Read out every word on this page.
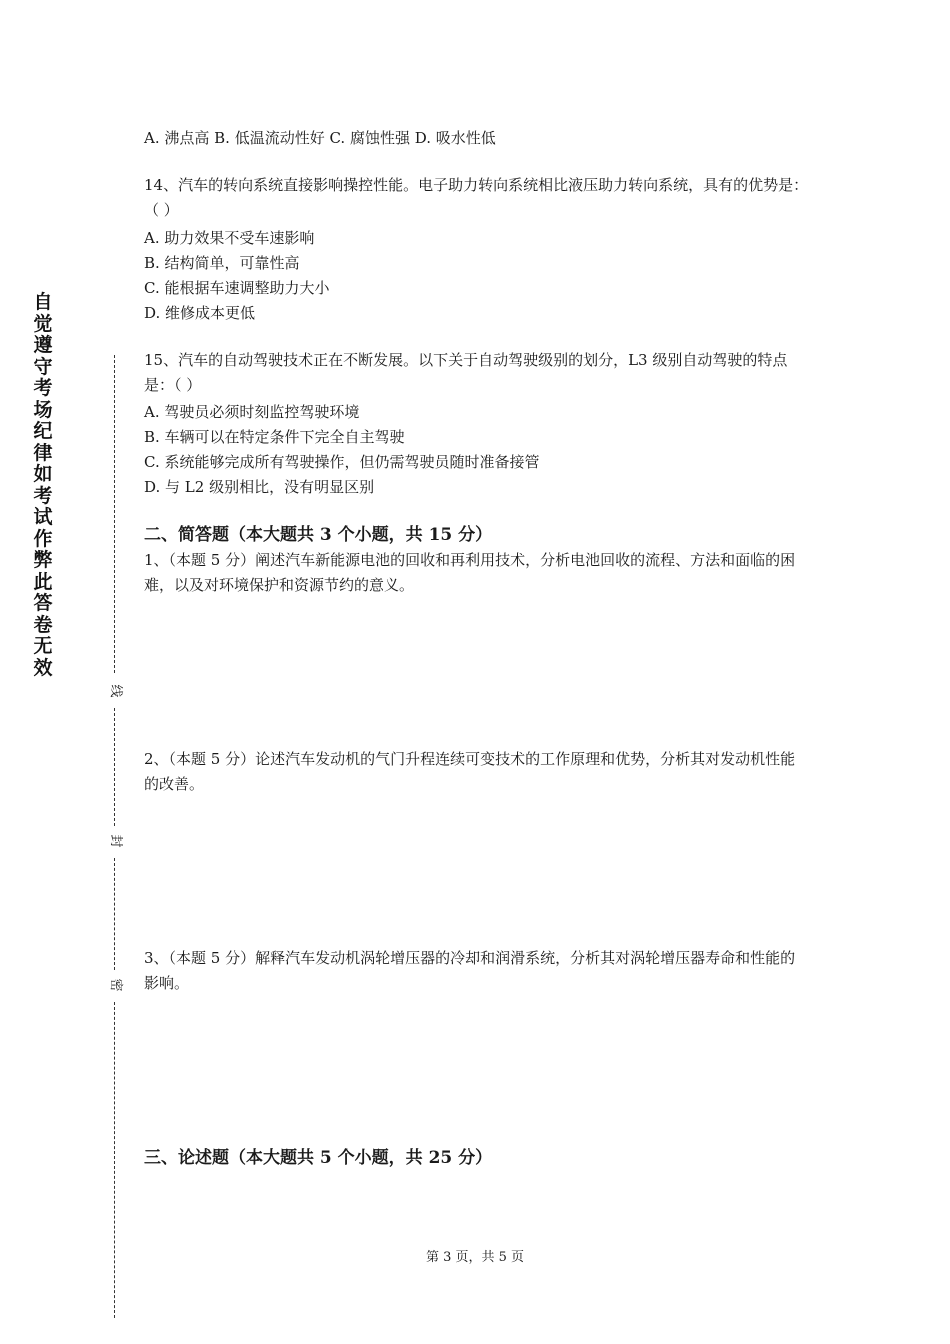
自觉遵守考场纪律如考试作弊此答卷无效
线
封
密
A. 沸点高 B. 低温流动性好 C. 腐蚀性强 D. 吸水性低
14、汽车的转向系统直接影响操控性能。电子助力转向系统相比液压助力转向系统，具有的优势是：（ ）
A. 助力效果不受车速影响
B. 结构简单，可靠性高
C. 能根据车速调整助力大小
D. 维修成本更低
15、汽车的自动驾驶技术正在不断发展。以下关于自动驾驶级别的划分，L3 级别自动驾驶的特点是：（ ）
A. 驾驶员必须时刻监控驾驶环境
B. 车辆可以在特定条件下完全自主驾驶
C. 系统能够完成所有驾驶操作，但仍需驾驶员随时准备接管
D. 与 L2 级别相比，没有明显区别
二、简答题（本大题共 3 个小题，共 15 分）
1、（本题 5 分）阐述汽车新能源电池的回收和再利用技术，分析电池回收的流程、方法和面临的困难，以及对环境保护和资源节约的意义。
2、（本题 5 分）论述汽车发动机的气门升程连续可变技术的工作原理和优势，分析其对发动机性能的改善。
3、（本题 5 分）解释汽车发动机涡轮增压器的冷却和润滑系统，分析其对涡轮增压器寿命和性能的影响。
三、论述题（本大题共 5 个小题，共 25 分）
第 3 页，共 5 页
